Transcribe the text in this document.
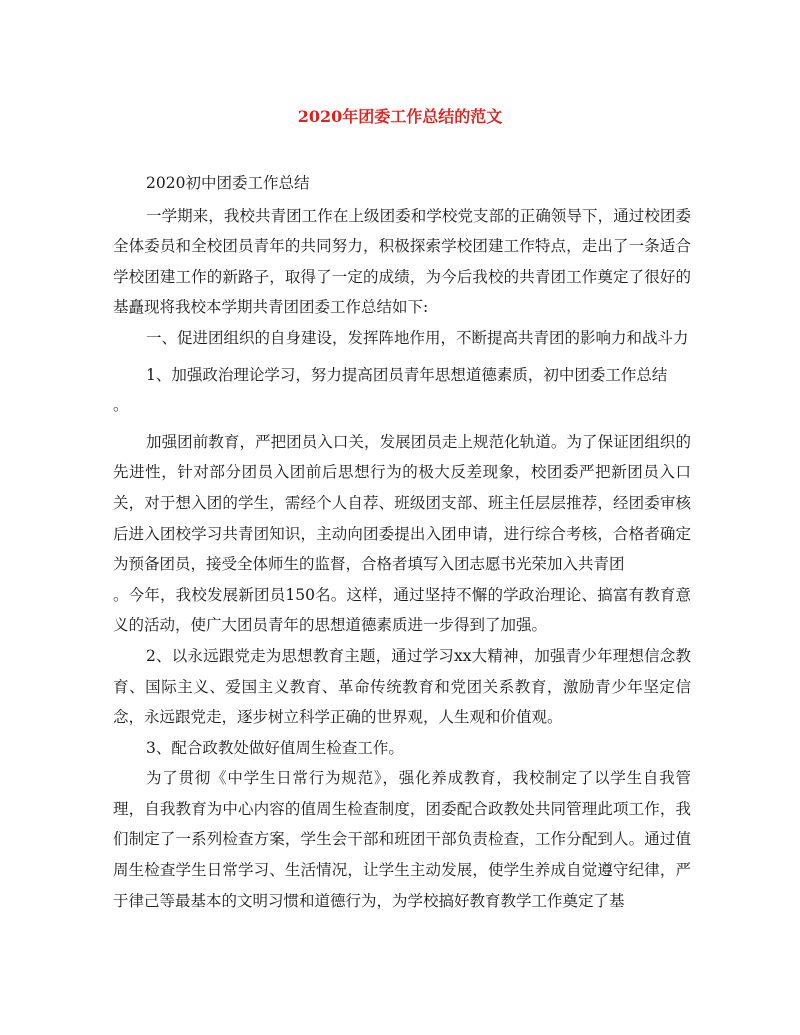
2020年团委工作总结的范文

2020初中团委工作总结

一学期来，我校共青团工作在上级团委和学校党支部的正确领导下，通过校团委全体委员和全校团员青年的共同努力，积极探索学校团建工作特点，走出了一条适合学校团建工作的新路子，取得了一定的成绩，为今后我校的共青团工作奠定了很好的基矗现将我校本学期共青团团委工作总结如下:

一、促进团组织的自身建设，发挥阵地作用，不断提高共青团的影响力和战斗力

1、加强政治理论学习，努力提高团员青年思想道德素质，初中团委工作总结

。

加强团前教育，严把团员入口关，发展团员走上规范化轨道。为了保证团组织的先进性，针对部分团员入团前后思想行为的极大反差现象，校团委严把新团员入口关，对于想入团的学生，需经个人自荐、班级团支部、班主任层层推荐，经团委审核后进入团校学习共青团知识，主动向团委提出入团申请，进行综合考核，合格者确定为预备团员，接受全体师生的监督，合格者填写入团志愿书光荣加入共青团

。今年，我校发展新团员150名。这样，通过坚持不懈的学政治理论、搞富有教育意义的活动，使广大团员青年的思想道德素质进一步得到了加强。

2、以永远跟党走为思想教育主题，通过学习xx大精神，加强青少年理想信念教育、国际主义、爱国主义教育、革命传统教育和党团关系教育，激励青少年坚定信念，永远跟党走，逐步树立科学正确的世界观，人生观和价值观。

3、配合政教处做好值周生检查工作。

为了贯彻《中学生日常行为规范》，强化养成教育，我校制定了以学生自我管理，自我教育为中心内容的值周生检查制度，团委配合政教处共同管理此项工作，我们制定了一系列检查方案，学生会干部和班团干部负责检查，工作分配到人。通过值周生检查学生日常学习、生活情况，让学生主动发展，使学生养成自觉遵守纪律，严于律己等最基本的文明习惯和道德行为，为学校搞好教育教学工作奠定了基
